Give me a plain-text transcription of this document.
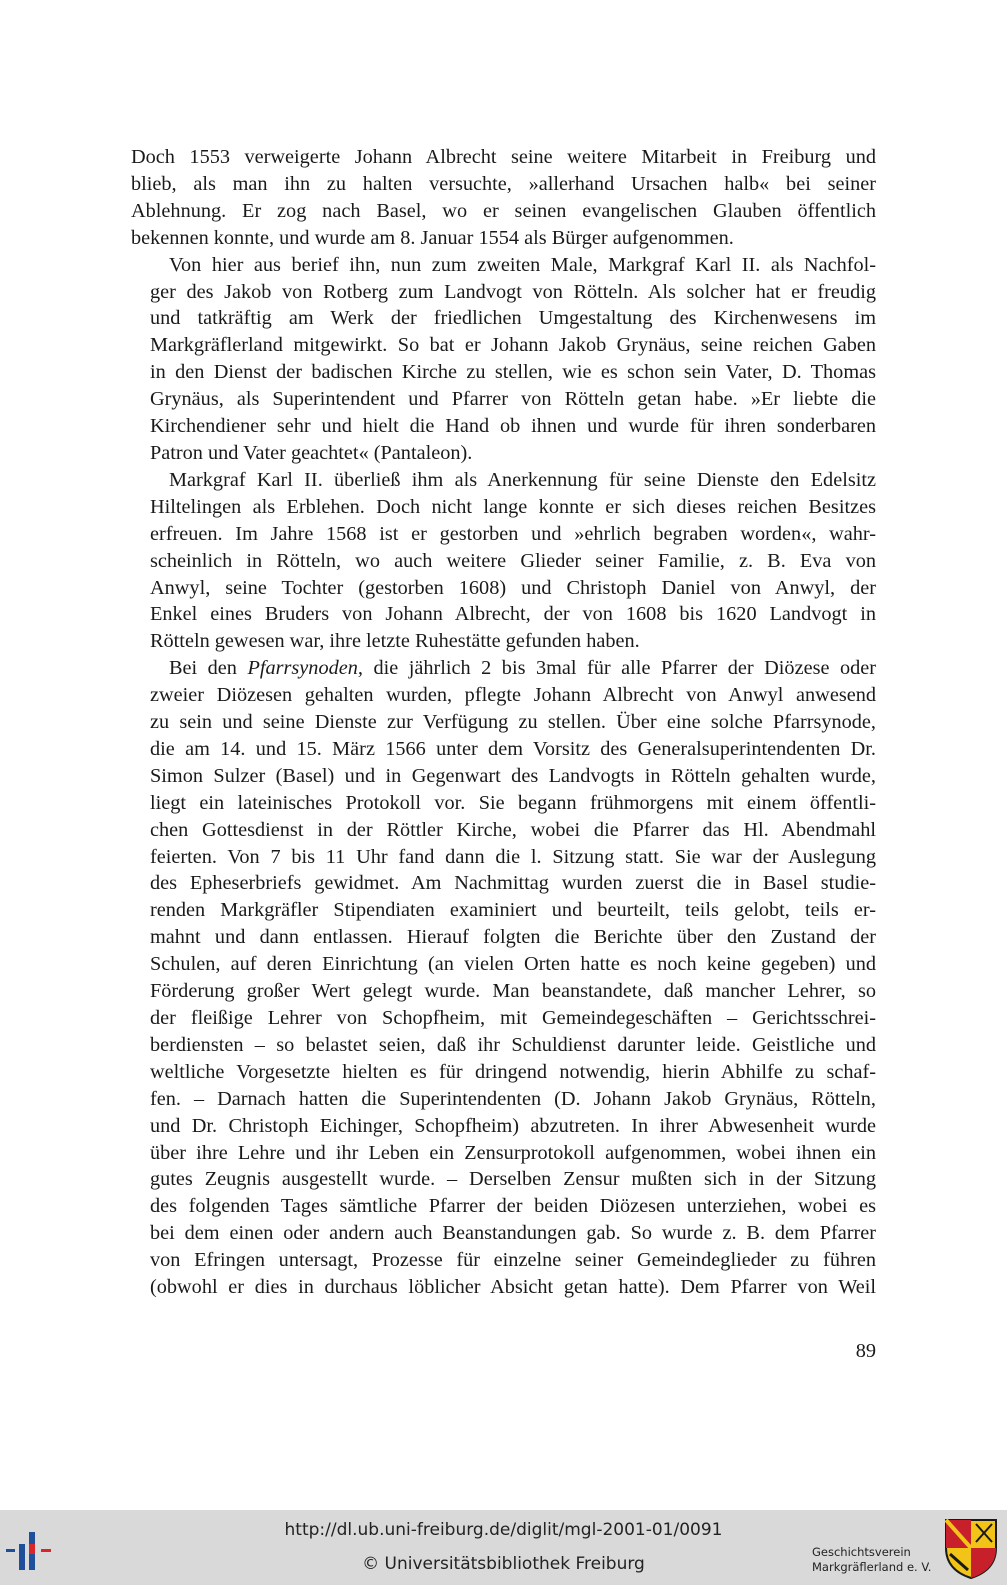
Doch 1553 verweigerte Johann Albrecht seine weitere Mitarbeit in Freiburg und
blieb, als man ihn zu halten versuchte, »allerhand Ursachen halb« bei seiner
Ablehnung. Er zog nach Basel, wo er seinen evangelischen Glauben öffentlich
bekennen konnte, und wurde am 8. Januar 1554 als Bürger aufgenommen.

Von hier aus berief ihn, nun zum zweiten Male, Markgraf Karl II. als Nachfol-
ger des Jakob von Rotberg zum Landvogt von Rötteln. Als solcher hat er freudig
und tatkräftig am Werk der friedlichen Umgestaltung des Kirchenwesens im
Markgräflerland mitgewirkt. So bat er Johann Jakob Grynäus, seine reichen Gaben
in den Dienst der badischen Kirche zu stellen, wie es schon sein Vater, D. Thomas
Grynäus, als Superintendent und Pfarrer von Rötteln getan habe. »Er liebte die
Kirchendiener sehr und hielt die Hand ob ihnen und wurde für ihren sonderbaren
Patron und Vater geachtet« (Pantaleon).

Markgraf Karl II. überließ ihm als Anerkennung für seine Dienste den Edelsitz
Hiltelingen als Erblehen. Doch nicht lange konnte er sich dieses reichen Besitzes
erfreuen. Im Jahre 1568 ist er gestorben und »ehrlich begraben worden«, wahr-
scheinlich in Rötteln, wo auch weitere Glieder seiner Familie, z. B. Eva von
Anwyl, seine Tochter (gestorben 1608) und Christoph Daniel von Anwyl, der
Enkel eines Bruders von Johann Albrecht, der von 1608 bis 1620 Landvogt in
Rötteln gewesen war, ihre letzte Ruhestätte gefunden haben.

Bei den Pfarrsynoden, die jährlich 2 bis 3mal für alle Pfarrer der Diözese oder
zweier Diözesen gehalten wurden, pflegte Johann Albrecht von Anwyl anwesend
zu sein und seine Dienste zur Verfügung zu stellen. Über eine solche Pfarrsynode,
die am 14. und 15. März 1566 unter dem Vorsitz des Generalsuperintendenten Dr.
Simon Sulzer (Basel) und in Gegenwart des Landvogts in Rötteln gehalten wurde,
liegt ein lateinisches Protokoll vor. Sie begann frühmorgens mit einem öffentli-
chen Gottesdienst in der Röttler Kirche, wobei die Pfarrer das Hl. Abendmahl
feierten. Von 7 bis 11 Uhr fand dann die l. Sitzung statt. Sie war der Auslegung
des Epheserbriefs gewidmet. Am Nachmittag wurden zuerst die in Basel studie-
renden Markgräfler Stipendiaten examiniert und beurteilt, teils gelobt, teils er-
mahnt und dann entlassen. Hierauf folgten die Berichte über den Zustand der
Schulen, auf deren Einrichtung (an vielen Orten hatte es noch keine gegeben) und
Förderung großer Wert gelegt wurde. Man beanstandete, daß mancher Lehrer, so
der fleißige Lehrer von Schopfheim, mit Gemeindegeschäften – Gerichtsschrei-
berdiensten – so belastet seien, daß ihr Schuldienst darunter leide. Geistliche und
weltliche Vorgesetzte hielten es für dringend notwendig, hierin Abhilfe zu schaf-
fen. – Darnach hatten die Superintendenten (D. Johann Jakob Grynäus, Rötteln,
und Dr. Christoph Eichinger, Schopfheim) abzutreten. In ihrer Abwesenheit wurde
über ihre Lehre und ihr Leben ein Zensurprotokoll aufgenommen, wobei ihnen ein
gutes Zeugnis ausgestellt wurde. – Derselben Zensur mußten sich in der Sitzung
des folgenden Tages sämtliche Pfarrer der beiden Diözesen unterziehen, wobei es
bei dem einen oder andern auch Beanstandungen gab. So wurde z. B. dem Pfarrer
von Efringen untersagt, Prozesse für einzelne seiner Gemeindeglieder zu führen
(obwohl er dies in durchaus löblicher Absicht getan hatte). Dem Pfarrer von Weil

89
http://dl.ub.uni-freiburg.de/diglit/mgl-2001-01/0091
© Universitätsbibliothek Freiburg
Geschichtsverein
Markgräflerland e. V.
